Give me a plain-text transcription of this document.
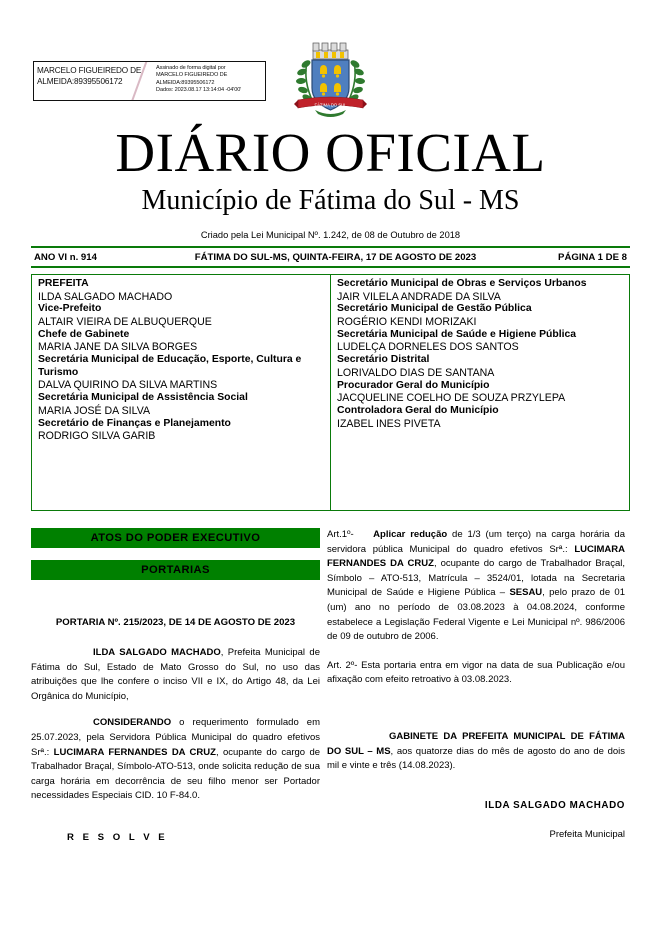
MARCELO FIGUEIREDO DE
ALMEIDA:89395506172
Assinado de forma digital por
MARCELO FIGUEIREDO DE
ALMEIDA:89395506172
Dados: 2023.08.17 13:14:04 -04'00'
FÁTIMA DO SUL
DIÁRIO OFICIAL
Município de Fátima do Sul - MS
Criado pela Lei Municipal Nº. 1.242, de 08 de Outubro de 2018
ANO VI n. 914	FÁTIMA DO SUL-MS, QUINTA-FEIRA, 17 DE AGOSTO DE 2023	PÁGINA 1 DE 8
PREFEITA
ILDA SALGADO MACHADO
Vice-Prefeito
ALTAIR VIEIRA DE ALBUQUERQUE
Chefe de Gabinete
MARIA JANE DA SILVA BORGES
Secretária Municipal de Educação, Esporte, Cultura e Turismo
DALVA QUIRINO DA SILVA MARTINS
Secretária Municipal de Assistência Social
MARIA JOSÉ DA SILVA
Secretário de Finanças e Planejamento
RODRIGO SILVA GARIB
Secretário Municipal de Obras e Serviços Urbanos
JAIR VILELA ANDRADE DA SILVA
Secretário Municipal de Gestão Pública
ROGÉRIO KENDI MORIZAKI
Secretária Municipal de Saúde e Higiene Pública
LUDELÇA DORNELES DOS SANTOS
Secretário Distrital
LORIVALDO DIAS DE SANTANA
Procurador Geral do Município
JACQUELINE COELHO DE SOUZA PRZYLEPA
Controladora Geral do Município
IZABEL INES PIVETA
ATOS DO PODER EXECUTIVO
PORTARIAS
PORTARIA Nº. 215/2023, DE 14 DE AGOSTO DE 2023

ILDA SALGADO MACHADO, Prefeita Municipal de Fátima do Sul, Estado de Mato Grosso do Sul, no uso das atribuições que lhe confere o inciso VII e IX, do Artigo 48, da Lei Orgânica do Município,

CONSIDERANDO o requerimento formulado em 25.07.2023, pela Servidora Pública Municipal do quadro efetivos Srª.: LUCIMARA FERNANDES DA CRUZ, ocupante do cargo de Trabalhador Braçal, Símbolo-ATO-513, onde solicita redução de sua carga horária em decorrência de seu filho menor ser Portador necessidades Especiais CID. 10 F-84.0.

R E S O L V E

Art.1º- Aplicar redução de 1/3 (um terço) na carga horária da servidora pública Municipal do quadro efetivos Srª.: LUCIMARA FERNANDES DA CRUZ, ocupante do cargo de Trabalhador Braçal, Símbolo – ATO-513, Matrícula – 3524/01, lotada na Secretaria Municipal de Saúde e Higiene Pública – SESAU, pelo prazo de 01 (um) ano no período de 03.08.2023 à 04.08.2024, conforme estabelece a Legislação Federal Vigente e Lei Municipal nº. 986/2006 de 09 de outubro de 2006.

Art. 2º- Esta portaria entra em vigor na data de sua Publicação e/ou afixação com efeito retroativo à 03.08.2023.

GABINETE DA PREFEITA MUNICIPAL DE FÁTIMA DO SUL – MS, aos quatorze dias do mês de agosto do ano de dois mil e vinte e três (14.08.2023).

ILDA SALGADO MACHADO
Prefeita Municipal
